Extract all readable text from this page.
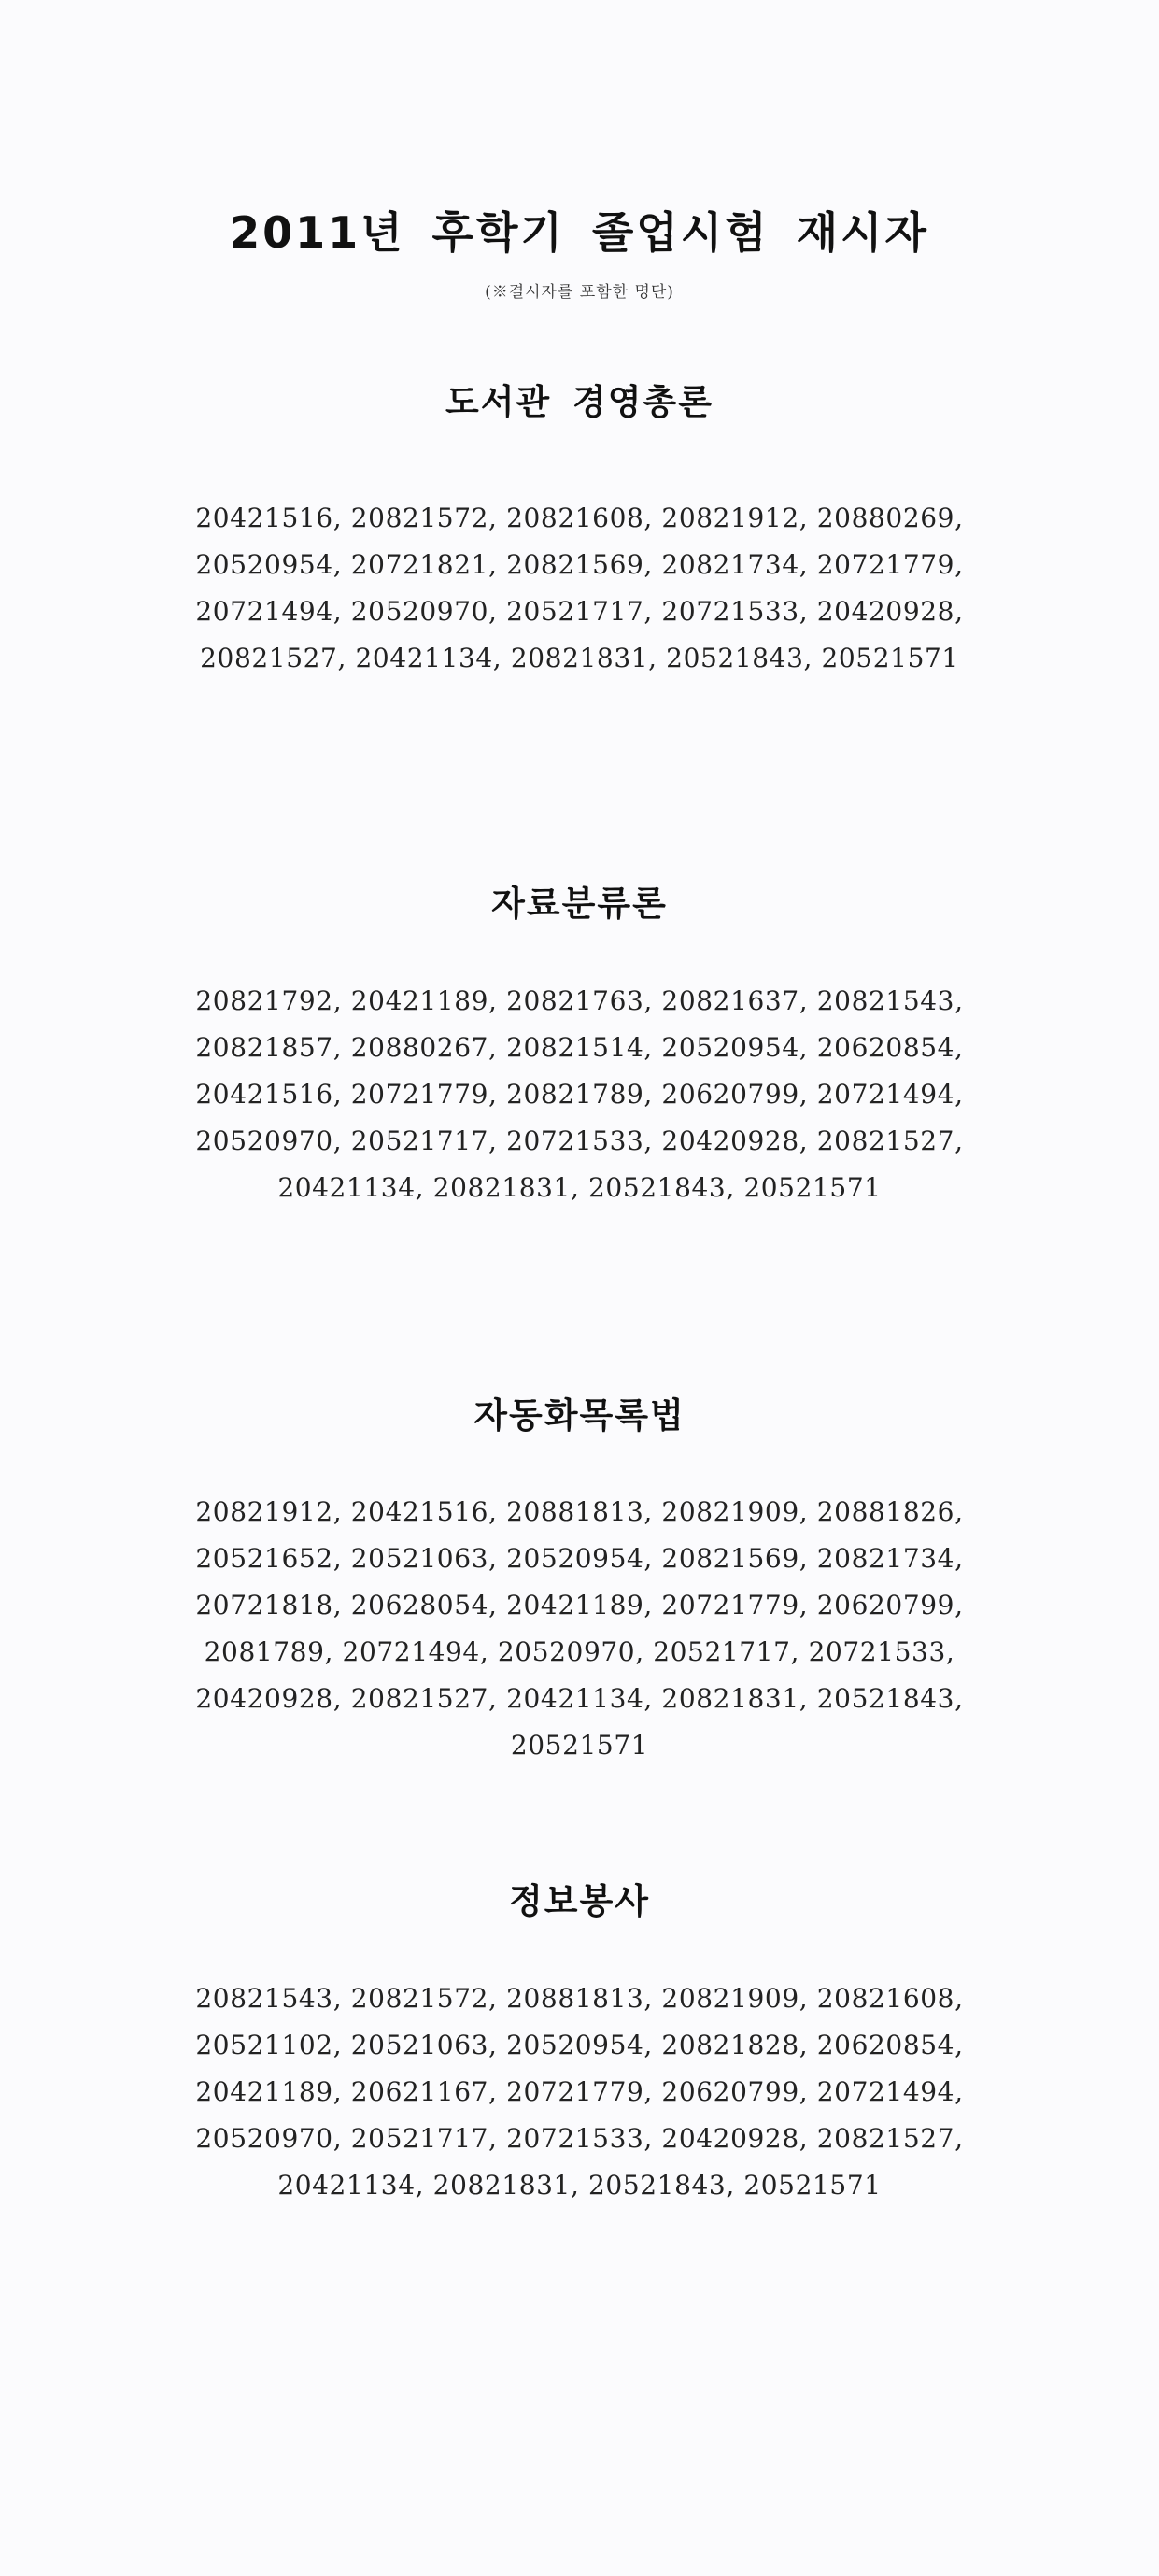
2011년 후학기 졸업시험 재시자
(※결시자를 포함한 명단)
도서관 경영총론
20421516, 20821572, 20821608, 20821912, 20880269, 20520954, 20721821, 20821569, 20821734, 20721779, 20721494, 20520970, 20521717, 20721533, 20420928, 20821527, 20421134, 20821831, 20521843, 20521571
자료분류론
20821792, 20421189, 20821763, 20821637, 20821543, 20821857, 20880267, 20821514, 20520954, 20620854, 20421516, 20721779, 20821789, 20620799, 20721494, 20520970, 20521717, 20721533, 20420928, 20821527, 20421134, 20821831, 20521843, 20521571
자동화목록법
20821912, 20421516, 20881813, 20821909, 20881826, 20521652, 20521063, 20520954, 20821569, 20821734, 20721818, 20628054, 20421189, 20721779, 20620799, 2081789, 20721494, 20520970, 20521717, 20721533, 20420928, 20821527, 20421134, 20821831, 20521843, 20521571
정보봉사
20821543, 20821572, 20881813, 20821909, 20821608, 20521102, 20521063, 20520954, 20821828, 20620854, 20421189, 20621167, 20721779, 20620799, 20721494, 20520970, 20521717, 20721533, 20420928, 20821527, 20421134, 20821831, 20521843, 20521571
